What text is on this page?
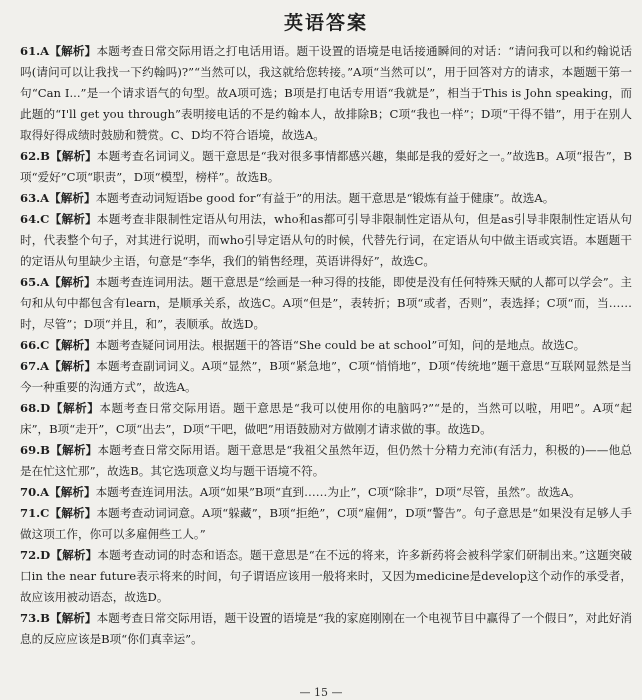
英语答案

61.A【解析】本题考查日常交际用语之打电话用语。题干设置的语境是电话接通瞬间的对话：“请问我可以和约翰说话吗(请问可以让我找一下约翰吗)?”“当然可以，我这就给您转接。”A项“当然可以”，用于回答对方的请求，本题题干第一句“Can I...”是一个请求语气的句型。故A项可选；B项是打电话专用语“我就是”，相当于This is John speaking，而此题的“I'll get you through”表明接电话的不是约翰本人，故排除B；C项“我也一样”；D项“干得不错”，用于在别人取得好得成绩时鼓励和赞赏。C、D均不符合语境，故选A。

62.B【解析】本题考查名词词义。题干意思是“我对很多事情都感兴趣，集邮是我的爱好之一。”故选B。A项“报告”，B项“爱好”C项“职责”，D项“模型，榜样”。故选B。

63.A【解析】本题考查动词短语be good for“有益于”的用法。题干意思是“锻炼有益于健康”。故选A。

64.C【解析】本题考查非限制性定语从句用法，who和as都可引导非限制性定语从句，但是as引导非限制性定语从句时，代表整个句子，对其进行说明，而who引导定语从句的时候，代替先行词，在定语从句中做主语或宾语。本题题干的定语从句里缺少主语，句意是“李华，我们的销售经理，英语讲得好”，故选C。

65.A【解析】本题考查连词用法。题干意思是“绘画是一种习得的技能，即使是没有任何特殊天赋的人都可以学会”。主句和从句中都包含有learn，是顺承关系，故选C。A项“但是”，表转折；B项“或者，否则”，表选择；C项“而，当……时，尽管”；D项“并且，和”，表顺承。故选D。

66.C【解析】本题考查疑问词用法。根据题干的答语“She could be at school”可知，问的是地点。故选C。

67.A【解析】本题考查副词词义。A项“显然”，B项“紧急地”，C项“悄悄地”，D项“传统地”题干意思“互联网显然是当今一种重要的沟通方式”，故选A。

68.D【解析】本题考查日常交际用语。题干意思是“我可以使用你的电脑吗?”“是的，当然可以啦，用吧”。A项“起床”，B项“走开”，C项“出去”，D项“干吧，做吧”用语鼓励对方做刚才请求做的事。故选D。

69.B【解析】本题考查日常交际用语。题干意思是“我祖父虽然年迈，但仍然十分精力充沛(有活力，积极的)——他总是在忙这忙那”，故选B。其它选项意义均与题干语境不符。

70.A【解析】本题考查连词用法。A项“如果”B项“直到……为止”，C项“除非”，D项“尽管，虽然”。故选A。

71.C【解析】本题考查动词词意。A项“躲藏”，B项“拒绝”，C项“雇佣”，D项“警告”。句子意思是“如果没有足够人手做这项工作，你可以多雇佣些工人。”

72.D【解析】本题考查动词的时态和语态。题干意思是“在不远的将来，许多新药将会被科学家们研制出来。”这题突破口in the near future表示将来的时间，句子谓语应该用一般将来时，又因为medicine是develop这个动作的承受者，故应该用被动语态，故选D。

73.B【解析】本题考查日常交际用语，题干设置的语境是“我的家庭刚刚在一个电视节目中赢得了一个假日”，对此好消息的反应应该是B项“你们真幸运”。

— 15 —
